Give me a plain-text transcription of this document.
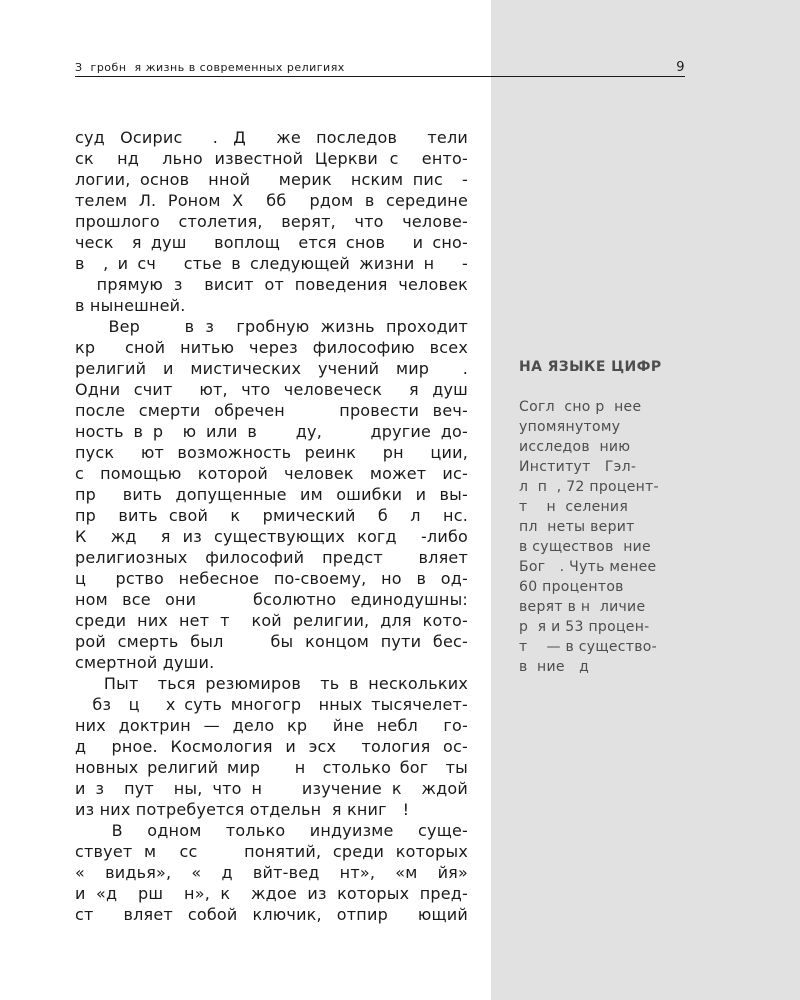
З  гробн  я жизнь в современных религиях	9
суд Осирис  . Д  же последов  тели
ск  нд  льно известной Церкви с  енто-
логии, основ  нной   мерик  нским пис  -
телем Л. Роном Х  бб  рдом в середине
прошлого столетия, верят, что челове-
ческ  я душ   воплощ  ется снов   и сно-
в  , и сч   стье в следующей жизни н   -
прямую з  висит от поведения человек
в нынешней.
Вер    в з  гробную жизнь проходит
кр  сной нитью через философию всех
религий и мистических учений мир  .
Одни счит  ют, что человеческ  я душ
после смерти обречен    провести веч-
ность в р  ю или в    ду,     другие до-
пуск  ют возможность реинк  рн  ции,
с помощью которой человек может ис-
пр  вить допущенные им ошибки и вы-
пр  вить свой  к  рмический  б  л  нс.
К  жд  я из существующих когд  -либо
религиозных философий предст  вляет
ц  рство небесное по-своему, но в од-
ном все они    бсолютно единодушны:
среди них нет т  кой религии, для кото-
рой смерть был    бы концом пути бес-
смертной души.
Пыт  ться резюмиров  ть в нескольких
бз  ц   х суть многогр  нных тысячелет-
них доктрин — дело кр  йне небл  го-
д  рное. Космология и эсх  тология ос-
новных религий мир    н  столько бог  ты
и з  пут  ны, что н    изучение к  ждой
из них потребуется отдельн  я книг   !
В  одном  только  индуизме  суще-
ствует м  сс    понятий, среди которых
«  видья»,  «  д  вйт-вед  нт»,  «м  йя»
и «д  рш  н», к  ждое из которых пред-
ст  вляет собой ключик, отпир  ющий
НА ЯЗЫКЕ ЦИФР
Согл  сно р  нее
упомянутому
исследов  нию
Институт   Гэл-
л  п  , 72 процент-
т    н  селения
пл  неты верит
в существов  ние
Бог   . Чуть менее
60 процентов
верят в н  личие
р  я и 53 процен-
т    — в существо-
в  ние   д
